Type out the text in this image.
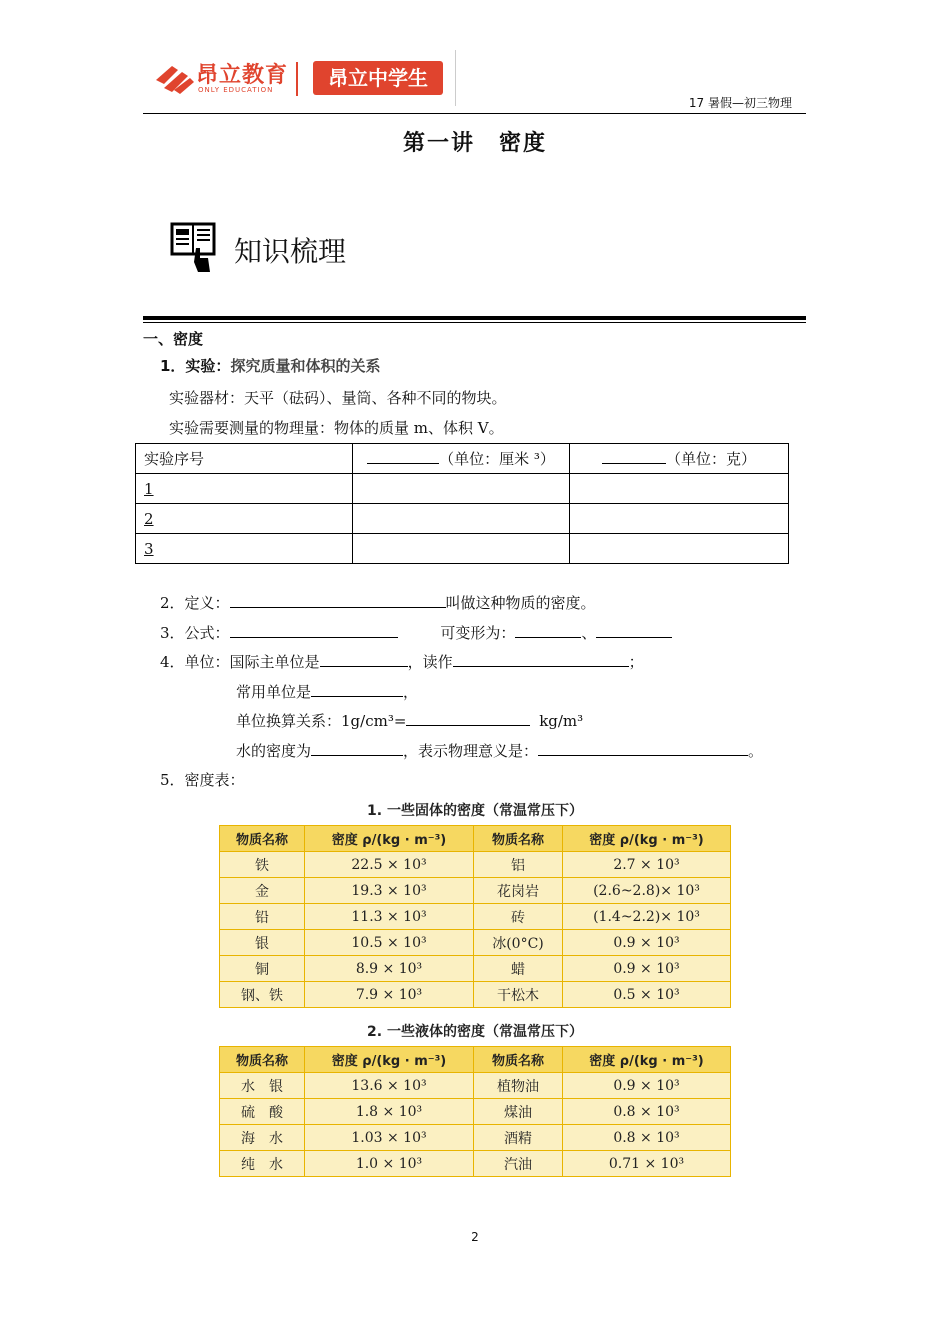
昂立教育
ONLY EDUCATION	昂立中学生
17 暑假—初三物理
第一讲　密度
知识梳理
一、密度
1．实验：探究质量和体积的关系
实验器材：天平（砝码）、量筒、各种不同的物块。
实验需要测量的物理量：物体的质量 m、体积 V。
实验序号	（单位：厘米 ³）	（单位：克）
1		
2		
3		
2．定义：	叫做这种物质的密度。
3．公式：	可变形为：	、
4．单位：国际主单位是	，读作	；
常用单位是	，
单位换算关系：1g/cm³=	kg/m³
水的密度为	，表示物理意义是：	。
5．密度表：
1. 一些固体的密度（常温常压下）
物质名称	密度 ρ/(kg · m⁻³)	物质名称	密度 ρ/(kg · m⁻³)
铁	22.5 × 10³	铝	2.7 × 10³
金	19.3 × 10³	花岗岩	(2.6~2.8)× 10³
铅	11.3 × 10³	砖	(1.4~2.2)× 10³
银	10.5 × 10³	冰(0°C)	0.9 × 10³
铜	8.9 × 10³	蜡	0.9 × 10³
钢、铁	7.9 × 10³	干松木	0.5 × 10³
2. 一些液体的密度（常温常压下）
物质名称	密度 ρ/(kg · m⁻³)	物质名称	密度 ρ/(kg · m⁻³)
水　银	13.6 × 10³	植物油	0.9 × 10³
硫　酸	1.8 × 10³	煤油	0.8 × 10³
海　水	1.03 × 10³	酒精	0.8 × 10³
纯　水	1.0 × 10³	汽油	0.71 × 10³
2
